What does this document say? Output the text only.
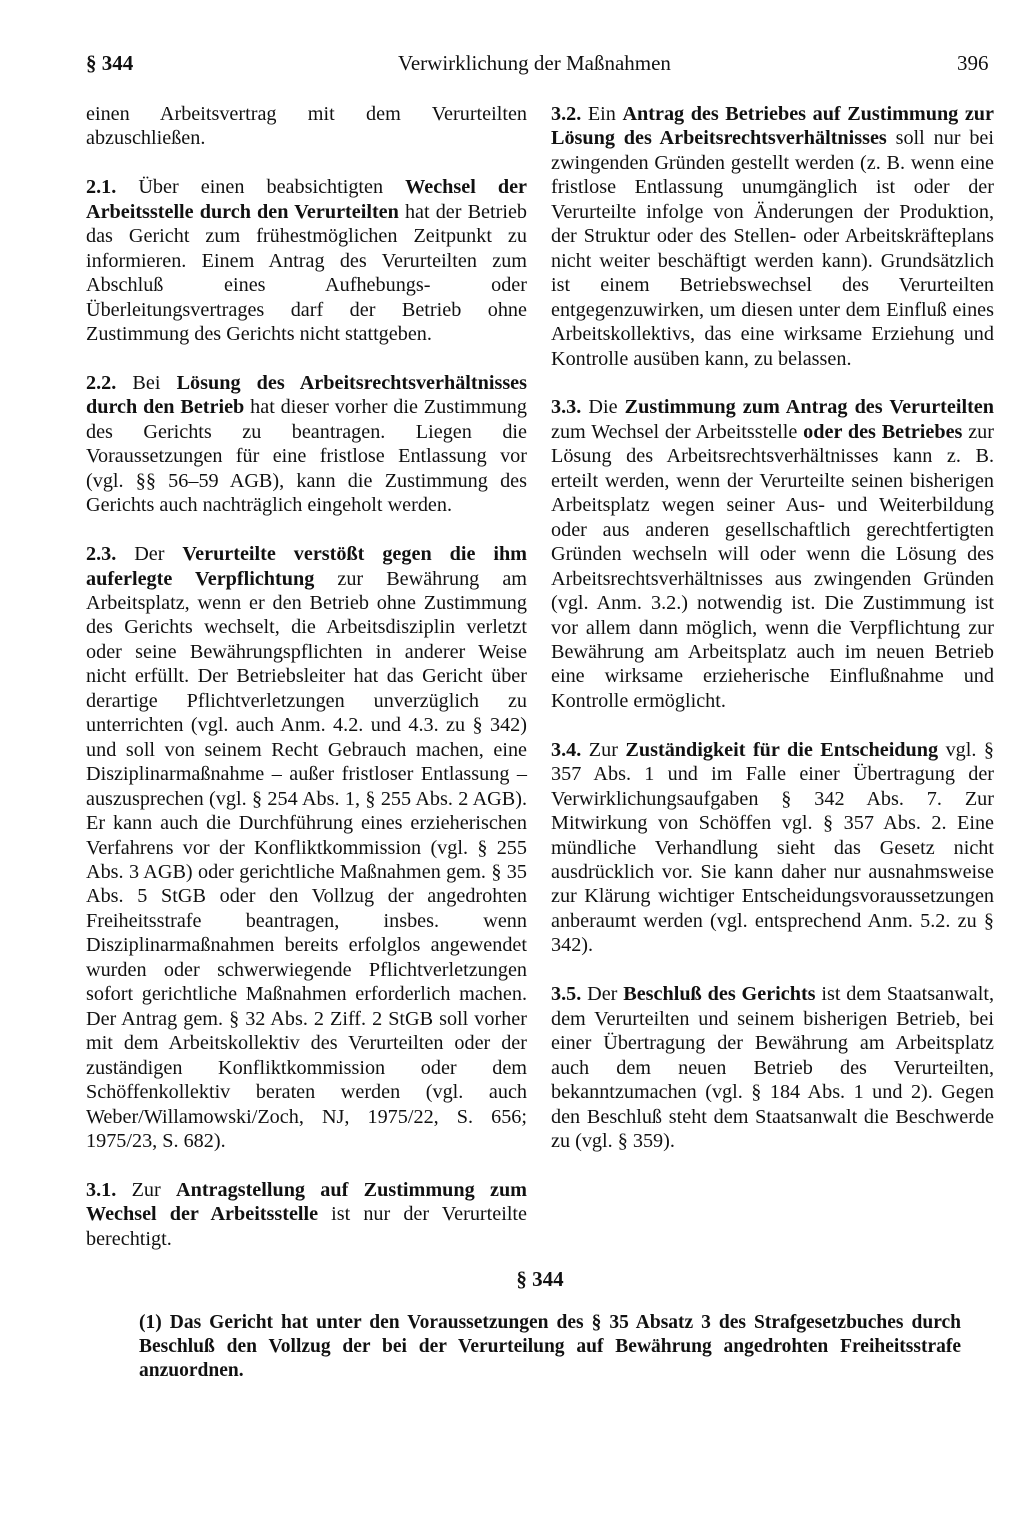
§ 344	Verwirklichung der Maßnahmen	396

einen Arbeitsvertrag mit dem Verurteilten abzuschließen.

2.1. Über einen beabsichtigten Wechsel der Arbeitsstelle durch den Verurteilten hat der Betrieb das Gericht zum frühestmöglichen Zeitpunkt zu informieren. Einem Antrag des Verurteilten zum Abschluß eines Aufhebungs- oder Überleitungsvertrages darf der Betrieb ohne Zustimmung des Gerichts nicht stattgeben.

2.2. Bei Lösung des Arbeitsrechtsverhältnisses durch den Betrieb hat dieser vorher die Zustimmung des Gerichts zu beantragen. Liegen die Voraussetzungen für eine fristlose Entlassung vor (vgl. §§ 56–59 AGB), kann die Zustimmung des Gerichts auch nachträglich eingeholt werden.

2.3. Der Verurteilte verstößt gegen die ihm auferlegte Verpflichtung zur Bewährung am Arbeitsplatz, wenn er den Betrieb ohne Zustimmung des Gerichts wechselt, die Arbeitsdisziplin verletzt oder seine Bewährungspflichten in anderer Weise nicht erfüllt. Der Betriebsleiter hat das Gericht über derartige Pflichtverletzungen unverzüglich zu unterrichten (vgl. auch Anm. 4.2. und 4.3. zu § 342) und soll von seinem Recht Gebrauch machen, eine Disziplinarmaßnahme – außer fristloser Entlassung – auszusprechen (vgl. § 254 Abs. 1, § 255 Abs. 2 AGB). Er kann auch die Durchführung eines erzieherischen Verfahrens vor der Konfliktkommission (vgl. § 255 Abs. 3 AGB) oder gerichtliche Maßnahmen gem. § 35 Abs. 5 StGB oder den Vollzug der angedrohten Freiheitsstrafe beantragen, insbes. wenn Disziplinarmaßnahmen bereits erfolglos angewendet wurden oder schwerwiegende Pflichtverletzungen sofort gerichtliche Maßnahmen erforderlich machen. Der Antrag gem. § 32 Abs. 2 Ziff. 2 StGB soll vorher mit dem Arbeitskollektiv des Verurteilten oder der zuständigen Konfliktkommission oder dem Schöffenkollektiv beraten werden (vgl. auch Weber/Willamowski/Zoch, NJ, 1975/22, S. 656; 1975/23, S. 682).

3.1. Zur Antragstellung auf Zustimmung zum Wechsel der Arbeitsstelle ist nur der Verurteilte berechtigt.

3.2. Ein Antrag des Betriebes auf Zustimmung zur Lösung des Arbeitsrechtsverhältnisses soll nur bei zwingenden Gründen gestellt werden (z. B. wenn eine fristlose Entlassung unumgänglich ist oder der Verurteilte infolge von Änderungen der Produktion, der Struktur oder des Stellen- oder Arbeitskräfteplans nicht weiter beschäftigt werden kann). Grundsätzlich ist einem Betriebswechsel des Verurteilten entgegenzuwirken, um diesen unter dem Einfluß eines Arbeitskollektivs, das eine wirksame Erziehung und Kontrolle ausüben kann, zu belassen.

3.3. Die Zustimmung zum Antrag des Verurteilten zum Wechsel der Arbeitsstelle oder des Betriebes zur Lösung des Arbeitsrechtsverhältnisses kann z. B. erteilt werden, wenn der Verurteilte seinen bisherigen Arbeitsplatz wegen seiner Aus- und Weiterbildung oder aus anderen gesellschaftlich gerechtfertigten Gründen wechseln will oder wenn die Lösung des Arbeitsrechtsverhältnisses aus zwingenden Gründen (vgl. Anm. 3.2.) notwendig ist. Die Zustimmung ist vor allem dann möglich, wenn die Verpflichtung zur Bewährung am Arbeitsplatz auch im neuen Betrieb eine wirksame erzieherische Einflußnahme und Kontrolle ermöglicht.

3.4. Zur Zuständigkeit für die Entscheidung vgl. § 357 Abs. 1 und im Falle einer Übertragung der Verwirklichungsaufgaben § 342 Abs. 7. Zur Mitwirkung von Schöffen vgl. § 357 Abs. 2. Eine mündliche Verhandlung sieht das Gesetz nicht ausdrücklich vor. Sie kann daher nur ausnahmsweise zur Klärung wichtiger Entscheidungsvoraussetzungen anberaumt werden (vgl. entsprechend Anm. 5.2. zu § 342).

3.5. Der Beschluß des Gerichts ist dem Staatsanwalt, dem Verurteilten und seinem bisherigen Betrieb, bei einer Übertragung der Bewährung am Arbeitsplatz auch dem neuen Betrieb des Verurteilten, bekanntzumachen (vgl. § 184 Abs. 1 und 2). Gegen den Beschluß steht dem Staatsanwalt die Beschwerde zu (vgl. § 359).

§ 344
(1) Das Gericht hat unter den Voraussetzungen des § 35 Absatz 3 des Strafgesetzbuches durch Beschluß den Vollzug der bei der Verurteilung auf Bewährung angedrohten Freiheitsstrafe anzuordnen.
